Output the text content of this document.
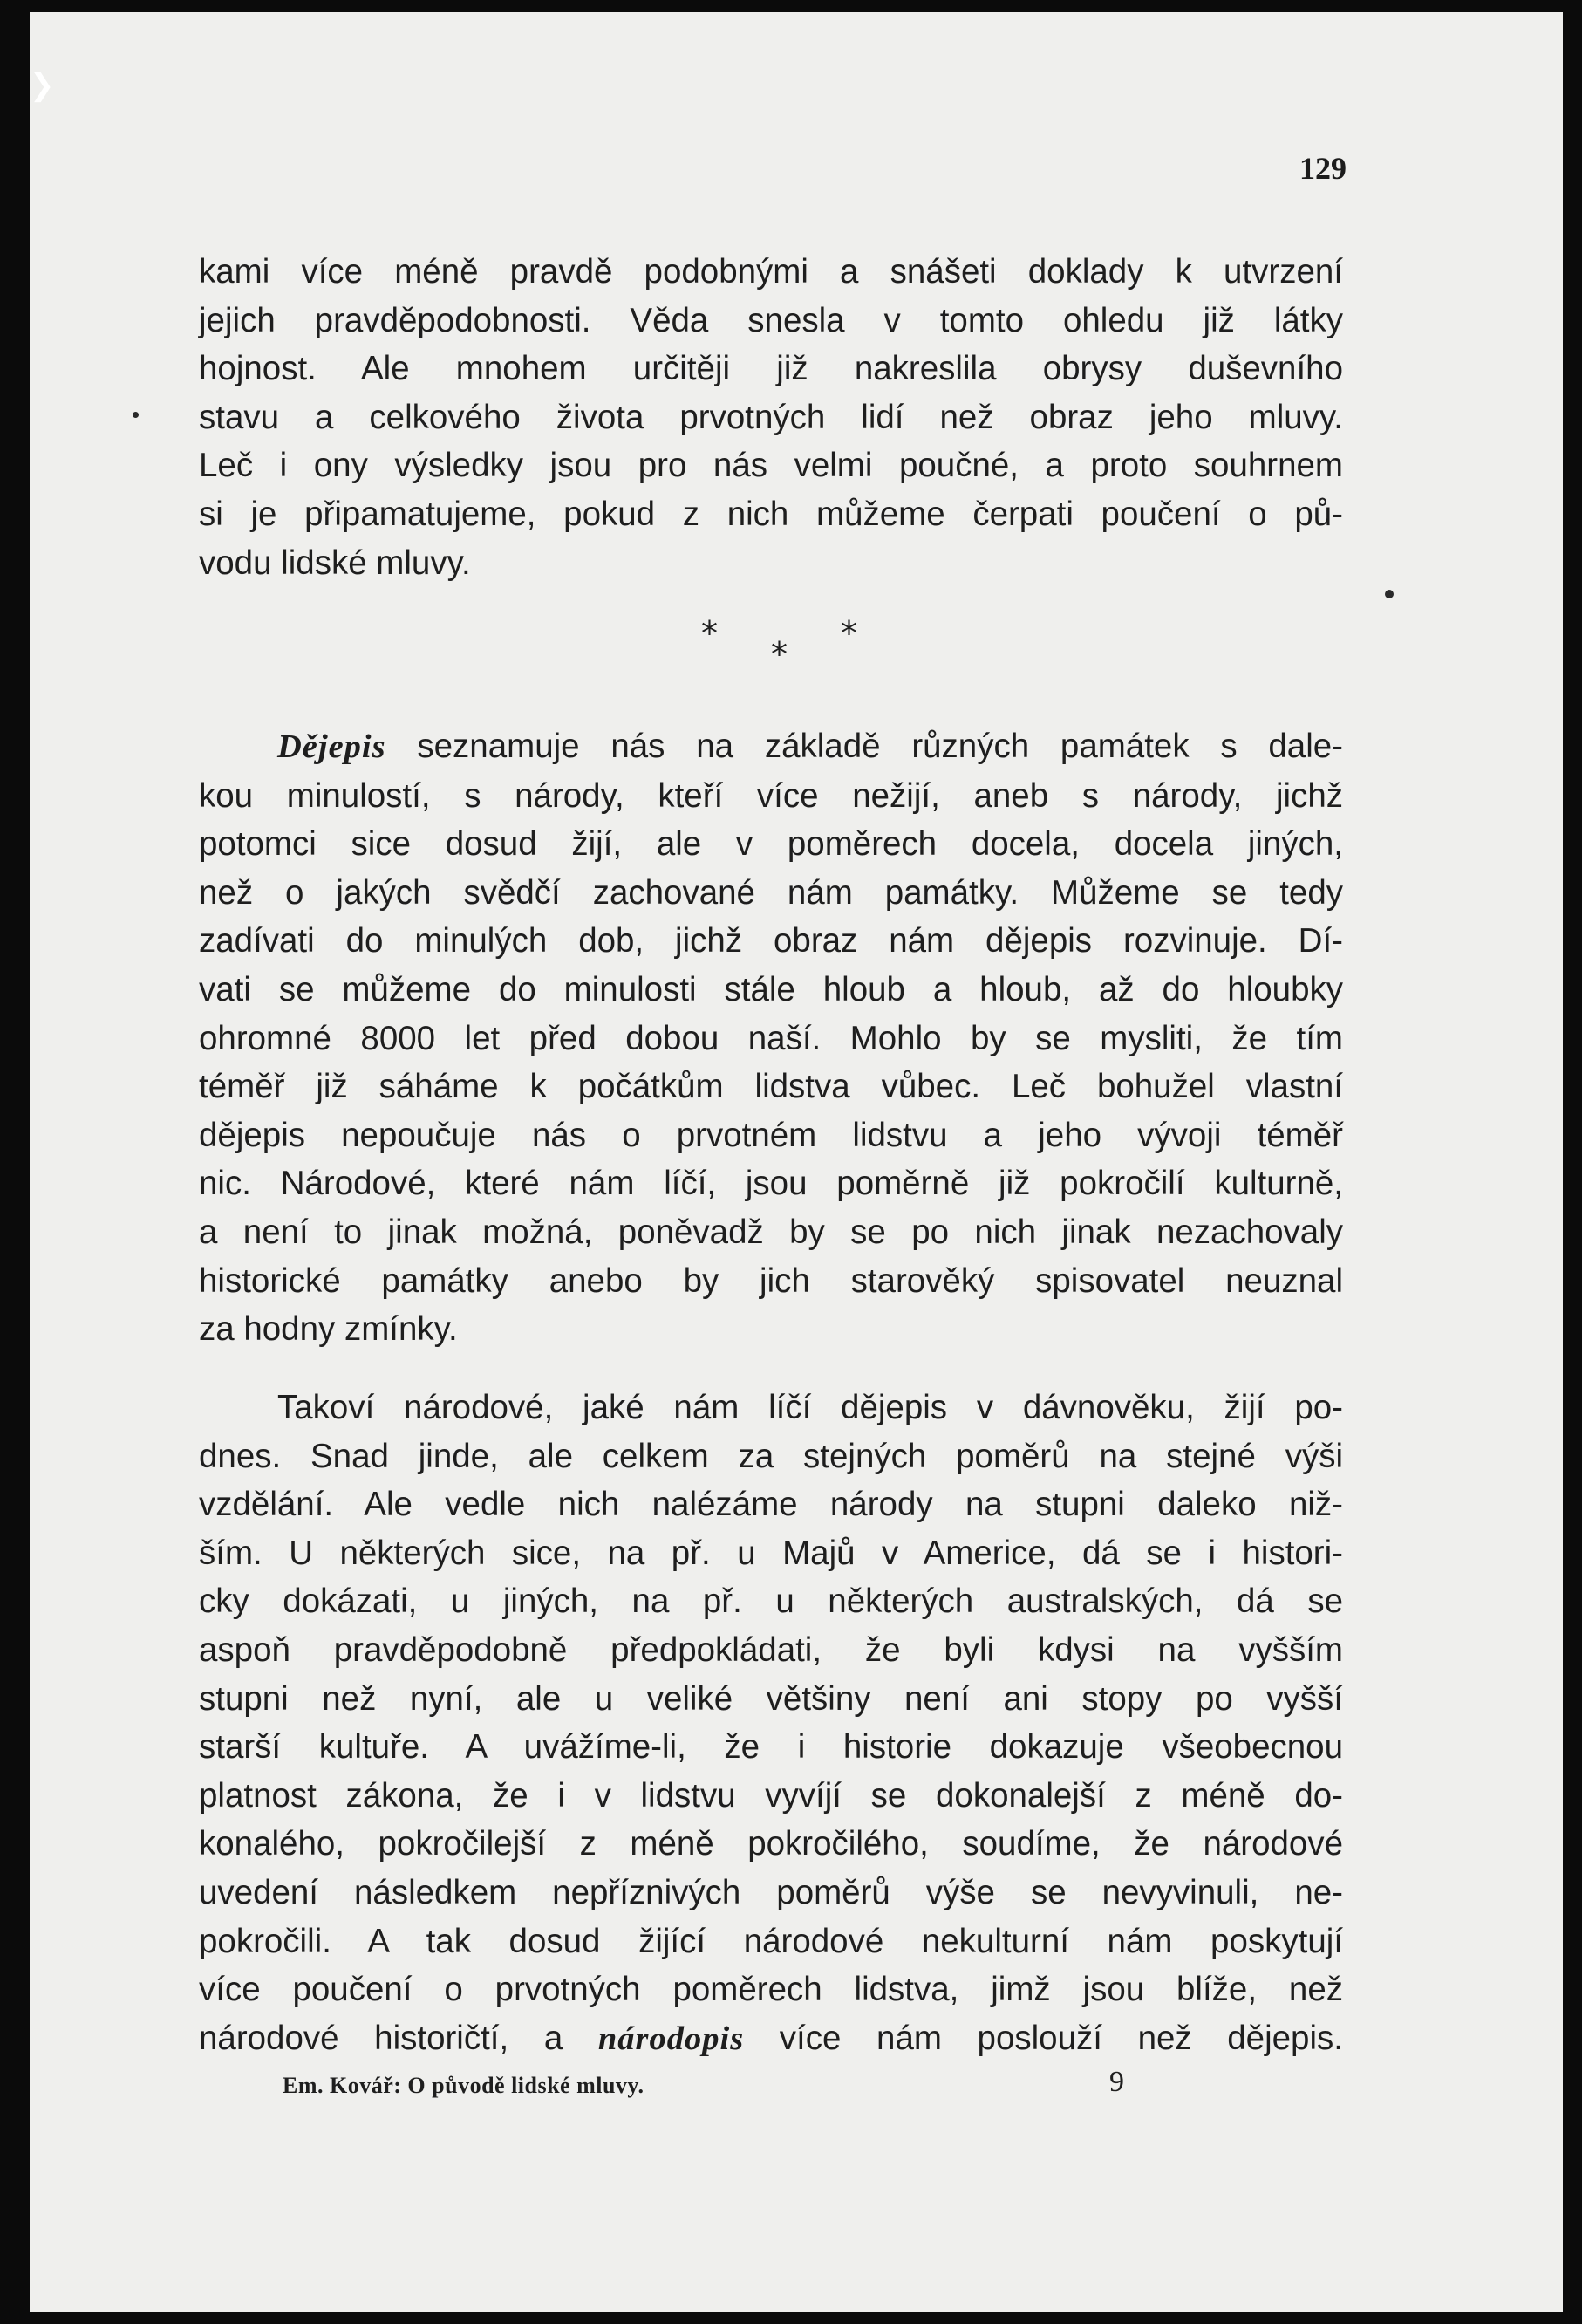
❯
129
kami více méně pravdě podobnými a snášeti doklady k utvrzení
jejich pravděpodobnosti. Věda snesla v tomto ohledu již látky
hojnost. Ale mnohem určitěji již nakreslila obrysy duševního
stavu a celkového života prvotných lidí než obraz jeho mluvy.
Leč i ony výsledky jsou pro nás velmi poučné, a proto souhrnem
si je připamatujeme, pokud z nich můžeme čerpati poučení o pů-
vodu lidské mluvy.
*
*
*
Dějepis seznamuje nás na základě různých památek s dale-
kou minulostí, s národy, kteří více nežijí, aneb s národy, jichž
potomci sice dosud žijí, ale v poměrech docela, docela jiných,
než o jakých svědčí zachované nám památky. Můžeme se tedy
zadívati do minulých dob, jichž obraz nám dějepis rozvinuje. Dí-
vati se můžeme do minulosti stále hloub a hloub, až do hloubky
ohromné 8000 let před dobou naší. Mohlo by se mysliti, že tím
téměř již sáháme k počátkům lidstva vůbec. Leč bohužel vlastní
dějepis nepoučuje nás o prvotném lidstvu a jeho vývoji téměř
nic. Národové, které nám líčí, jsou poměrně již pokročilí kulturně,
a není to jinak možná, poněvadž by se po nich jinak nezachovaly
historické památky anebo by jich starověký spisovatel neuznal
za hodny zmínky.
Takoví národové, jaké nám líčí dějepis v dávnověku, žijí po-
dnes. Snad jinde, ale celkem za stejných poměrů na stejné výši
vzdělání. Ale vedle nich nalézáme národy na stupni daleko niž-
ším. U některých sice, na př. u Majů v Americe, dá se i histori-
cky dokázati, u jiných, na př. u některých australských, dá se
aspoň pravděpodobně předpokládati, že byli kdysi na vyšším
stupni než nyní, ale u veliké většiny není ani stopy po vyšší
starší kultuře. A uvážíme-li, že i historie dokazuje všeobecnou
platnost zákona, že i v lidstvu vyvíjí se dokonalejší z méně do-
konalého, pokročilejší z méně pokročilého, soudíme, že národové
uvedení následkem nepříznivých poměrů výše se nevyvinuli, ne-
pokročili. A tak dosud žijící národové nekulturní nám poskytují
více poučení o prvotných poměrech lidstva, jimž jsou blíže, než
národové historičtí, a národopis více nám poslouží než dějepis.
Em. Kovář: O původě lidské mluvy.	9
